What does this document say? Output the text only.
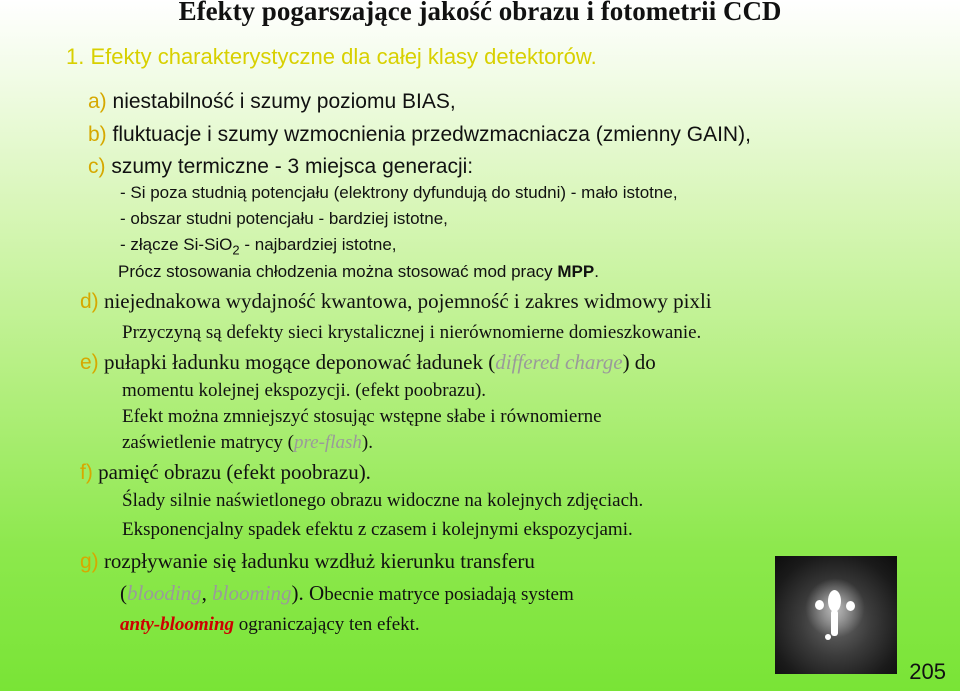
Efekty pogarszające jakość obrazu i fotometrii CCD
1. Efekty charakterystyczne dla całej klasy detektorów.
a) niestabilność i szumy poziomu BIAS,
b) fluktuacje i szumy wzmocnienia przedwzmacniacza (zmienny GAIN),
c) szumy termiczne - 3 miejsca generacji:
- Si poza studnią potencjału (elektrony dyfundują do studni) - mało istotne,
- obszar studni potencjału - bardziej istotne,
- złącze Si-SiO$_2$ - najbardziej istotne,
Prócz stosowania chłodzenia można stosować mod pracy MPP.
d) niejednakowa wydajność kwantowa, pojemność i zakres widmowy pixli
Przyczyną są defekty sieci krystalicznej i nierównomierne domieszkowanie.
e) pułapki ładunku mogące deponować ładunek (differed charge) do
momentu kolejnej ekspozycji. (efekt poobrazu).
Efekt można zmniejszyć stosując wstępne słabe i równomierne
zaświetlenie matrycy (pre-flash).
f) pamięć obrazu (efekt poobrazu).
Ślady silnie naświetlonego obrazu widoczne na kolejnych zdjęciach.
Eksponencjalny spadek efektu z czasem i kolejnymi ekspozycjami.
g) rozpływanie się ładunku wzdłuż kierunku transferu
(blooding, blooming). Obecnie matryce posiadają system
anty-blooming ograniczający ten efekt.
205
